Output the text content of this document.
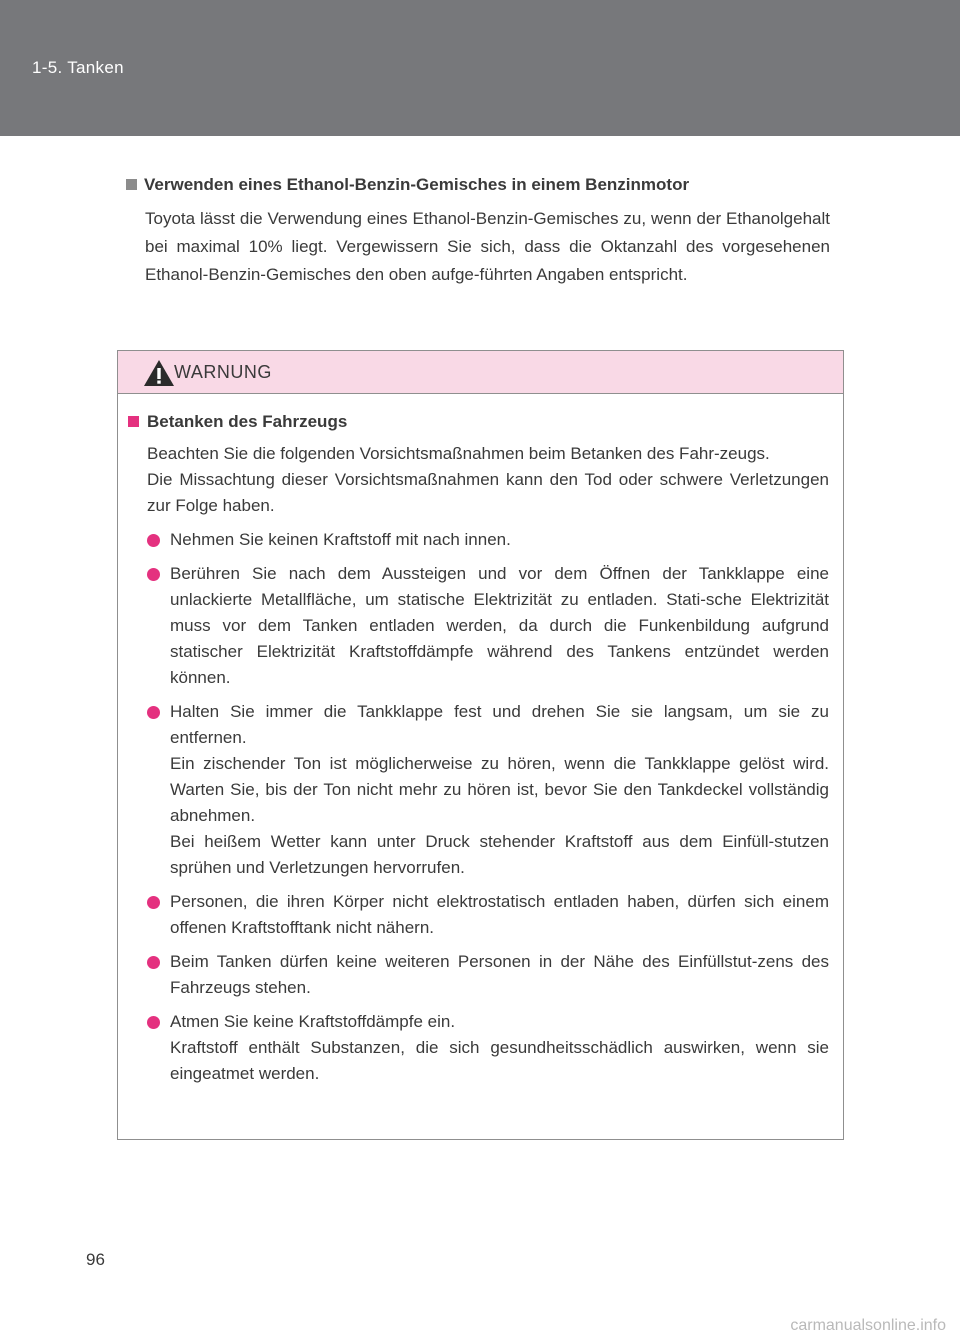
1-5. Tanken
Verwenden eines Ethanol-Benzin-Gemisches in einem Benzinmotor
Toyota lässt die Verwendung eines Ethanol-Benzin-Gemisches zu, wenn der Ethanolgehalt bei maximal 10% liegt. Vergewissern Sie sich, dass die Oktanzahl des vorgesehenen Ethanol-Benzin-Gemisches den oben aufge-führten Angaben entspricht.
WARNUNG
Betanken des Fahrzeugs

Beachten Sie die folgenden Vorsichtsmaßnahmen beim Betanken des Fahr-zeugs.

Die Missachtung dieser Vorsichtsmaßnahmen kann den Tod oder schwere Verletzungen zur Folge haben.

Nehmen Sie keinen Kraftstoff mit nach innen.

Berühren Sie nach dem Aussteigen und vor dem Öffnen der Tankklappe eine unlackierte Metallfläche, um statische Elektrizität zu entladen. Stati-sche Elektrizität muss vor dem Tanken entladen werden, da durch die Funkenbildung aufgrund statischer Elektrizität Kraftstoffdämpfe während des Tankens entzündet werden können.

Halten Sie immer die Tankklappe fest und drehen Sie sie langsam, um sie zu entfernen.

Ein zischender Ton ist möglicherweise zu hören, wenn die Tankklappe gelöst wird. Warten Sie, bis der Ton nicht mehr zu hören ist, bevor Sie den Tankdeckel vollständig abnehmen.

Bei heißem Wetter kann unter Druck stehender Kraftstoff aus dem Einfüll-stutzen sprühen und Verletzungen hervorrufen.

Personen, die ihren Körper nicht elektrostatisch entladen haben, dürfen sich einem offenen Kraftstofftank nicht nähern.

Beim Tanken dürfen keine weiteren Personen in der Nähe des Einfüllstut-zens des Fahrzeugs stehen.

Atmen Sie keine Kraftstoffdämpfe ein.

Kraftstoff enthält Substanzen, die sich gesundheitsschädlich auswirken, wenn sie eingeatmet werden.

96
carmanualsonline.info
